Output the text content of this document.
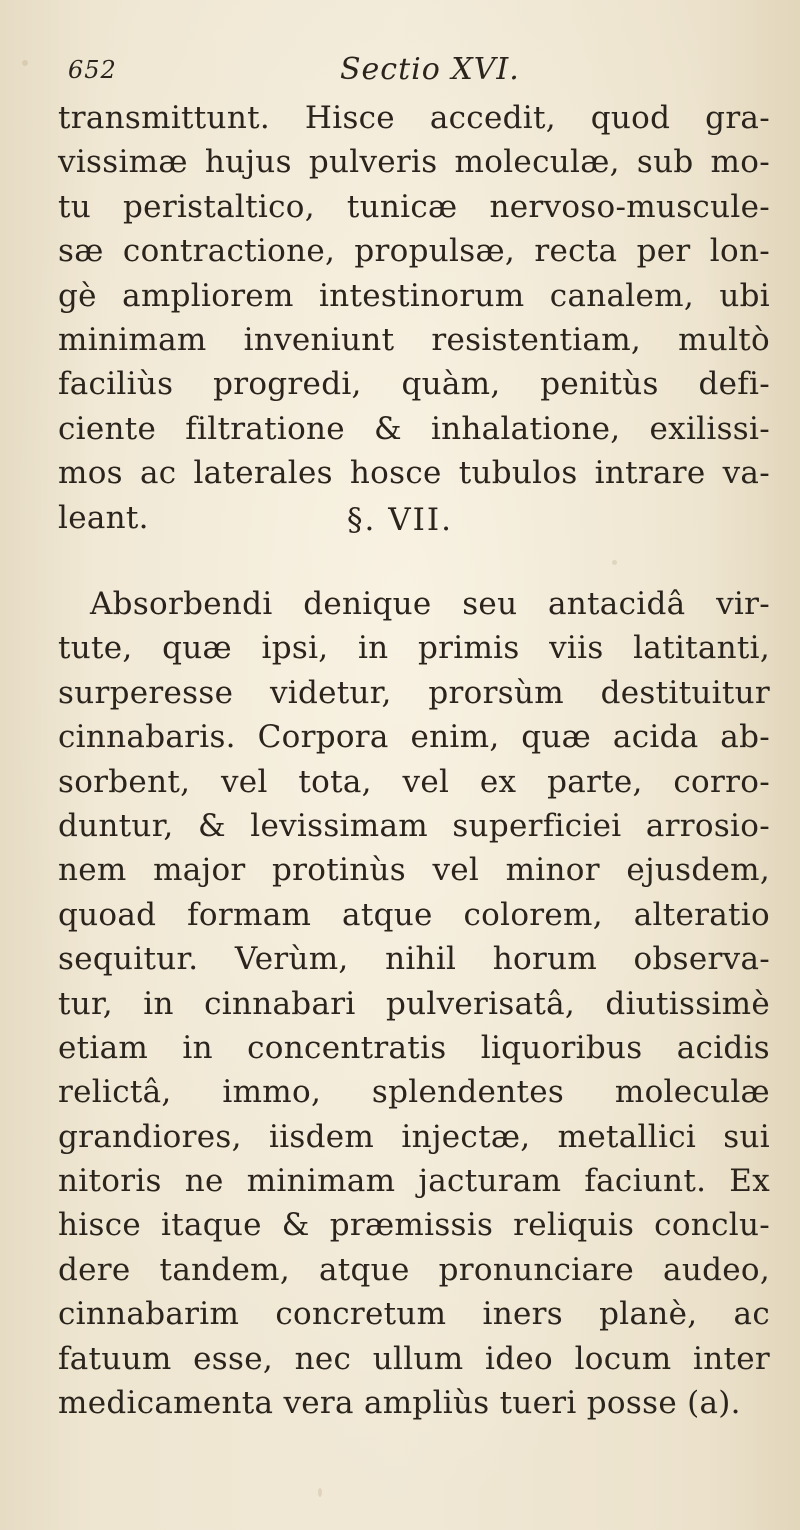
652	Sectio XVI.
transmittunt. Hisce accedit, quod gra-
vissimæ hujus pulveris moleculæ, sub mo-
tu peristaltico, tunicæ nervoso-muscule-
sæ contractione, propulsæ, recta per lon-
gè ampliorem intestinorum canalem, ubi
minimam inveniunt resistentiam, multò
faciliùs progredi, quàm, penitùs defi-
ciente filtratione & inhalatione, exilissi-
mos ac laterales hosce tubulos intrare va-
leant.	§. VII.
Absorbendi denique seu antacidâ vir-
tute, quæ ipsi, in primis viis latitanti,
surperesse videtur, prorsùm destituitur
cinnabaris. Corpora enim, quæ acida ab-
sorbent, vel tota, vel ex parte, corro-
duntur, & levissimam superficiei arrosio-
nem major protinùs vel minor ejusdem,
quoad formam atque colorem, alteratio
sequitur. Verùm, nihil horum observa-
tur, in cinnabari pulverisatâ, diutissimè
etiam in concentratis liquoribus acidis
relictâ, immo, splendentes moleculæ
grandiores, iisdem injectæ, metallici sui
nitoris ne minimam jacturam faciunt. Ex
hisce itaque & præmissis reliquis conclu-
dere tandem, atque pronunciare audeo,
cinnabarim concretum iners planè, ac
fatuum esse, nec ullum ideo locum inter
medicamenta vera ampliùs tueri posse (a).
